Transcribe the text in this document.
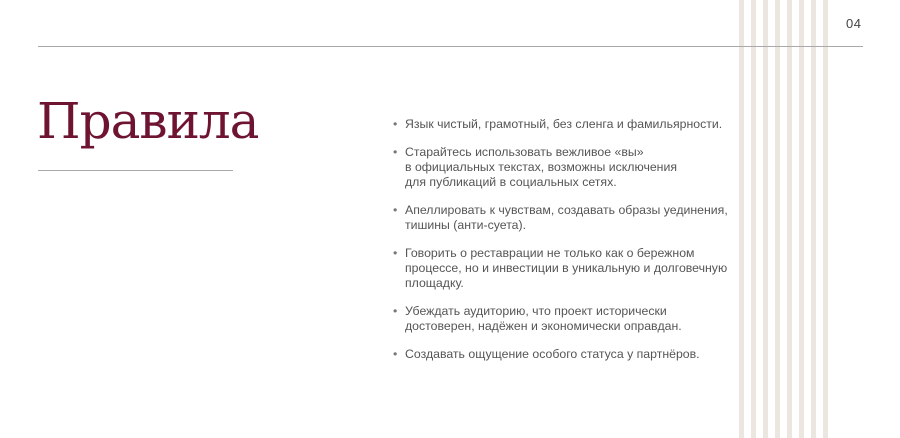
04
Правила
•	Язык чистый, грамотный, без сленга и фамильярности.
• Старайтесь использовать вежливое «вы»
в официальных текстах, возможны исключения
для публикаций в социальных сетях.
• Апеллировать к чувствам, создавать образы уединения,
тишины (анти-суета).
• Говорить о реставрации не только как о бережном
процессе, но и инвестиции в уникальную и долговечную
площадку.
• Убеждать аудиторию, что проект исторически
достоверен, надёжен и экономически оправдан.
• Создавать ощущение особого статуса у партнёров.
